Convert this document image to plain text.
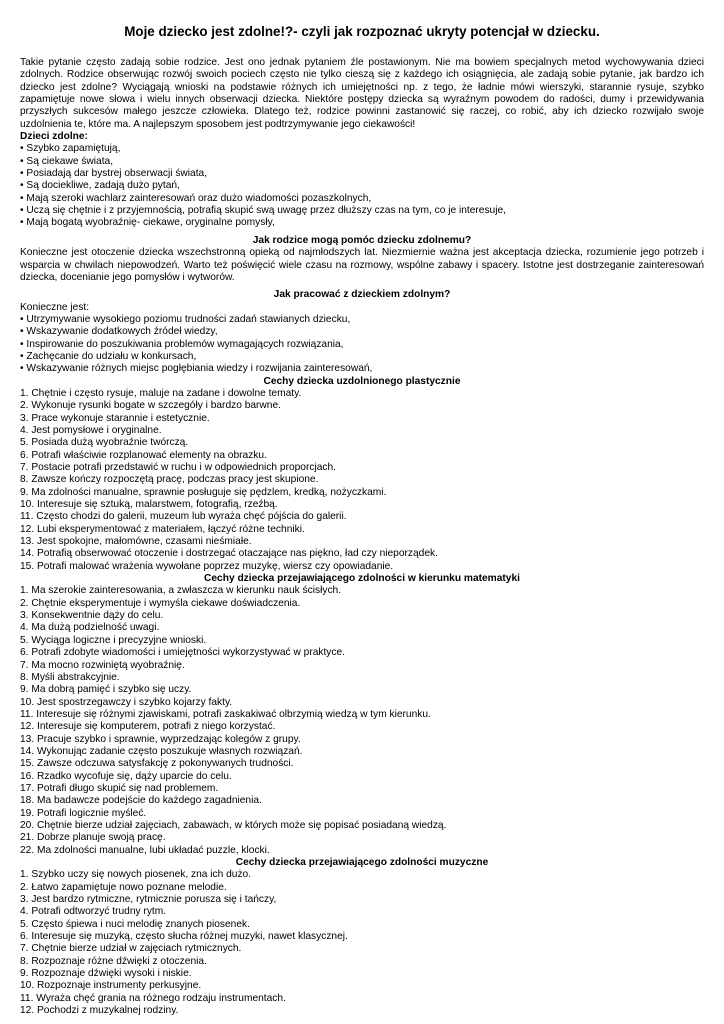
Moje dziecko jest zdolne!?- czyli jak rozpoznać ukryty potencjał w dziecku.

Takie pytanie często zadają sobie rodzice. Jest ono jednak pytaniem źle postawionym. Nie ma bowiem specjalnych metod wychowywania dzieci zdolnych. Rodzice obserwując rozwój swoich pociech często nie tylko cieszą się z każdego ich osiągnięcia, ale zadają sobie pytanie, jak bardzo ich dziecko jest zdolne? Wyciągają wnioski na podstawie różnych ich umiejętności np. z tego, że ładnie mówi wierszyki, starannie rysuje, szybko zapamiętuje nowe słowa i wielu innych obserwacji dziecka. Niektóre postępy dziecka są wyraźnym powodem do radości, dumy i przewidywania przyszłych sukcesów małego jeszcze człowieka. Dlatego też, rodzice powinni zastanowić się raczej, co robić, aby ich dziecko rozwijało swoje uzdolnienia te, które ma. A najlepszym sposobem jest podtrzymywanie jego ciekawości!

Dzieci zdolne:

• Szybko zapamiętują,
• Są ciekawe świata,
• Posiadają dar bystrej obserwacji świata,
• Są dociekliwe, zadają dużo pytań,
• Mają szeroki wachlarz zainteresowań oraz dużo wiadomości pozaszkolnych,
• Uczą się chętnie i z przyjemnością, potrafią skupić swą uwagę przez dłuższy czas na tym, co je interesuje,
• Mają bogatą wyobraźnię- ciekawe, oryginalne pomysły,

Jak rodzice mogą pomóc dziecku zdolnemu?

Konieczne jest otoczenie dziecka wszechstronną opieką od najmłodszych lat. Niezmiernie ważna jest akceptacja dziecka, rozumienie jego potrzeb i wsparcia w chwilach niepowodzeń. Warto też poświęcić wiele czasu na rozmowy, wspólne zabawy i spacery. Istotne jest dostrzeganie zainteresowań dziecka, docenianie jego pomysłów i wytworów.

Jak pracować z dzieckiem zdolnym?

Konieczne jest:

• Utrzymywanie wysokiego poziomu trudności zadań stawianych dziecku,
• Wskazywanie dodatkowych źródeł wiedzy,
• Inspirowanie do poszukiwania problemów wymagających rozwiązania,
• Zachęcanie do udziału w konkursach,
• Wskazywanie różnych miejsc pogłębiania wiedzy i rozwijania zainteresowań,

Cechy dziecka uzdolnionego plastycznie

1. Chętnie i często rysuje, maluje na zadane i dowolne tematy.
2. Wykonuje rysunki bogate w szczegóły i bardzo barwne.
3. Prace wykonuje starannie i estetycznie.
4. Jest pomysłowe i oryginalne.
5. Posiada dużą wyobraźnie twórczą.
6. Potrafi właściwie rozplanować elementy na obrazku.
7. Postacie potrafi przedstawić w ruchu i w odpowiednich proporcjach.
8. Zawsze kończy rozpoczętą pracę, podczas pracy jest skupione.
9. Ma zdolności manualne, sprawnie posługuje się pędzlem, kredką, nożyczkami.
10. Interesuje się sztuką, malarstwem, fotografią, rzeźbą.
11. Często chodzi do galerii, muzeum lub wyraża chęć pójścia do galerii.
12. Lubi eksperymentować z materiałem, łączyć różne techniki.
13. Jest spokojne, małomówne, czasami nieśmiałe.
14. Potrafią obserwować otoczenie i dostrzegać otaczające nas piękno, ład czy nieporządek.
15. Potrafi malować wrażenia wywołane poprzez muzykę, wiersz czy opowiadanie.

Cechy dziecka przejawiającego zdolności w kierunku matematyki

1. Ma szerokie zainteresowania, a zwłaszcza w kierunku nauk ścisłych.
2. Chętnie eksperymentuje i wymyśla ciekawe doświadczenia.
3. Konsekwentnie dąży do celu.
4. Ma dużą podzielność uwagi.
5. Wyciąga logiczne i precyzyjne wnioski.
6. Potrafi zdobyte wiadomości i umiejętności wykorzystywać w praktyce.
7. Ma mocno rozwiniętą wyobraźnię.
8. Myśli abstrakcyjnie.
9. Ma dobrą pamięć i szybko się uczy.
10. Jest spostrzegawczy i szybko kojarzy fakty.
11. Interesuje się różnymi zjawiskami, potrafi zaskakiwać olbrzymią wiedzą w tym kierunku.
12. Interesuje się komputerem, potrafi z niego korzystać.
13. Pracuje szybko i sprawnie, wyprzedzając kolegów z grupy.
14. Wykonując zadanie często poszukuje własnych rozwiązań.
15. Zawsze odczuwa satysfakcję z pokonywanych trudności.
16. Rzadko wycofuje się, dąży uparcie do celu.
17. Potrafi długo skupić się nad problemem.
18. Ma badawcze podejście do każdego zagadnienia.
19. Potrafi logicznie myśleć.
20. Chętnie bierze udział zajęciach, zabawach, w których może się popisać posiadaną wiedzą.
21. Dobrze planuje swoją pracę.
22. Ma zdolności manualne, lubi układać puzzle, klocki.

Cechy dziecka przejawiającego zdolności muzyczne

1. Szybko uczy się nowych piosenek, zna ich dużo.
2. Łatwo zapamiętuje nowo poznane melodie.
3. Jest bardzo rytmiczne, rytmicznie porusza się i tańczy,
4. Potrafi odtworzyć trudny rytm.
5. Często śpiewa i nuci melodię znanych piosenek.
6. Interesuje się muzyką, często słucha różnej muzyki, nawet klasycznej.
7. Chętnie bierze udział w zajęciach rytmicznych.
8. Rozpoznaje różne dźwięki z otoczenia.
9. Rozpoznaje dźwięki wysoki i niskie.
10. Rozpoznaje instrumenty perkusyjne.
11. Wyraża chęć grania na różnego rodzaju instrumentach.
12. Pochodzi z muzykalnej rodziny.
